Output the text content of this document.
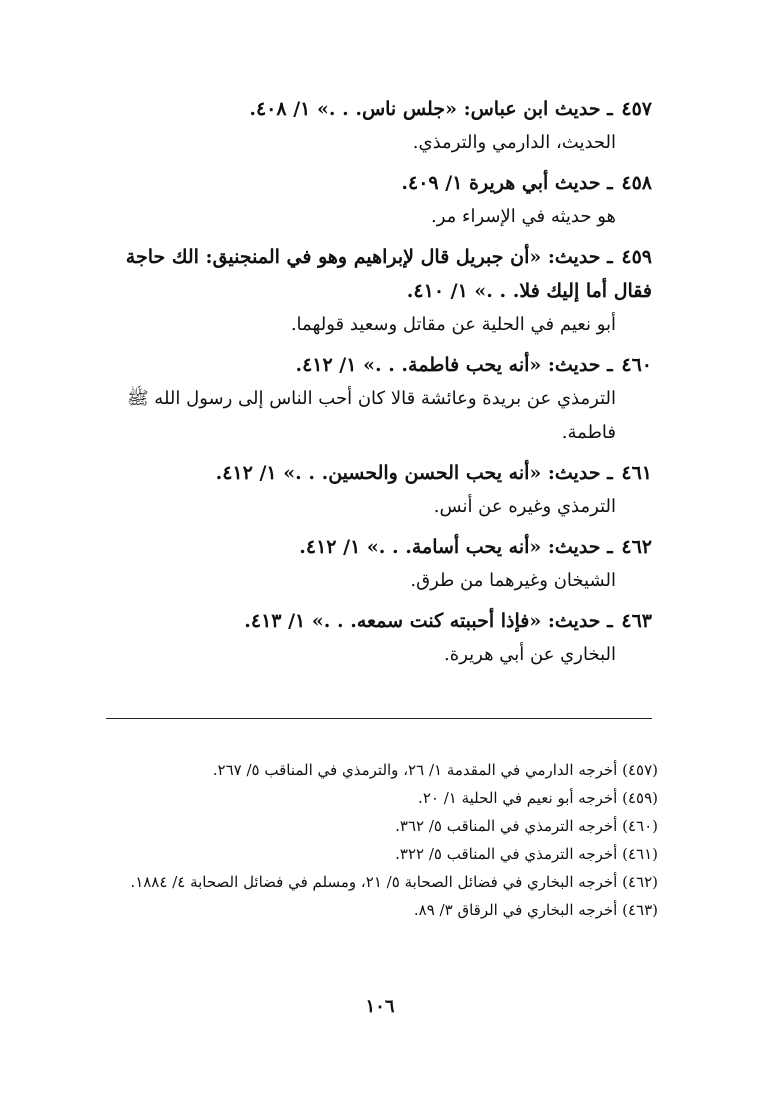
٤٥٧ ـ حديث ابن عباس: «جلس ناس. . .» ١/ ٤٠٨.
الحديث، الدارمي والترمذي.
٤٥٨ ـ حديث أبي هريرة ١/ ٤٠٩.
هو حديثه في الإسراء مر.
٤٥٩ ـ حديث: «أن جبريل قال لإبراهيم وهو في المنجنيق: الك حاجة فقال أما إليك فلا. . .» ١/ ٤١٠.
أبو نعيم في الحلية عن مقاتل وسعيد قولهما.
٤٦٠ ـ حديث: «أنه يحب فاطمة. . .» ١/ ٤١٢.
الترمذي عن بريدة وعائشة قالا كان أحب الناس إلى رسول الله ﷺ فاطمة.
٤٦١ ـ حديث: «أنه يحب الحسن والحسين. . .» ١/ ٤١٢.
الترمذي وغيره عن أنس.
٤٦٢ ـ حديث: «أنه يحب أسامة. . .» ١/ ٤١٢.
الشيخان وغيرهما من طرق.
٤٦٣ ـ حديث: «فإذا أحببته كنت سمعه. . .» ١/ ٤١٣.
البخاري عن أبي هريرة.
(٤٥٧) أخرجه الدارمي في المقدمة ١/ ٢٦، والترمذي في المناقب ٥/ ٢٦٧.
(٤٥٩) أخرجه أبو نعيم في الحلية ١/ ٢٠.
(٤٦٠) أخرجه الترمذي في المناقب ٥/ ٣٦٢.
(٤٦١) أخرجه الترمذي في المناقب ٥/ ٣٢٢.
(٤٦٢) أخرجه البخاري في فضائل الصحابة ٥/ ٢١، ومسلم في فضائل الصحابة ٤/ ١٨٨٤.
(٤٦٣) أخرجه البخاري في الرقاق ٣/ ٨٩.
١٠٦
